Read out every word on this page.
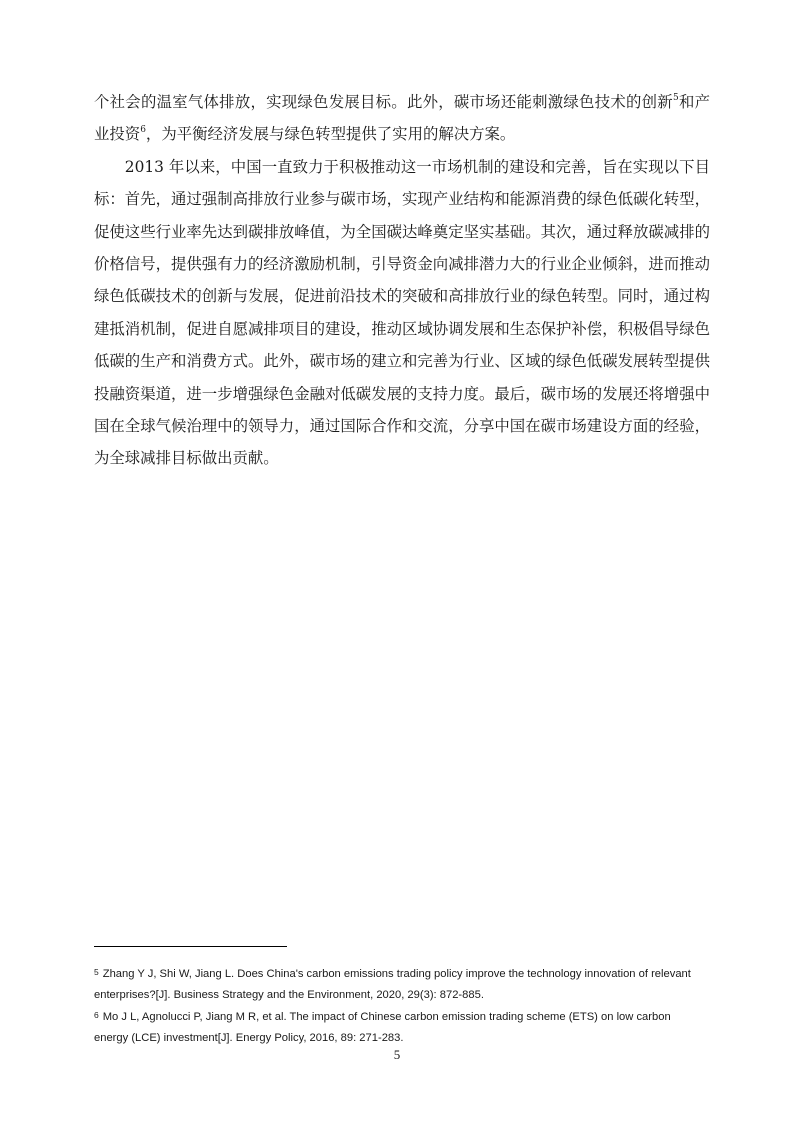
个社会的温室气体排放，实现绿色发展目标。此外，碳市场还能刺激绿色技术的创新$^5$和产业投资$^6$，为平衡经济发展与绿色转型提供了实用的解决方案。

2013 年以来，中国一直致力于积极推动这一市场机制的建设和完善，旨在实现以下目标：首先，通过强制高排放行业参与碳市场，实现产业结构和能源消费的绿色低碳化转型，促使这些行业率先达到碳排放峰值，为全国碳达峰奠定坚实基础。其次，通过释放碳减排的价格信号，提供强有力的经济激励机制，引导资金向减排潜力大的行业企业倾斜，进而推动绿色低碳技术的创新与发展，促进前沿技术的突破和高排放行业的绿色转型。同时，通过构建抵消机制，促进自愿减排项目的建设，推动区域协调发展和生态保护补偿，积极倡导绿色低碳的生产和消费方式。此外，碳市场的建立和完善为行业、区域的绿色低碳发展转型提供投融资渠道，进一步增强绿色金融对低碳发展的支持力度。最后，碳市场的发展还将增强中国在全球气候治理中的领导力，通过国际合作和交流，分享中国在碳市场建设方面的经验，为全球减排目标做出贡献。

5 Zhang Y J, Shi W, Jiang L. Does China's carbon emissions trading policy improve the technology innovation of relevant enterprises?[J]. Business Strategy and the Environment, 2020, 29(3): 872-885.

6 Mo J L, Agnolucci P, Jiang M R, et al. The impact of Chinese carbon emission trading scheme (ETS) on low carbon energy (LCE) investment[J]. Energy Policy, 2016, 89: 271-283.

5
